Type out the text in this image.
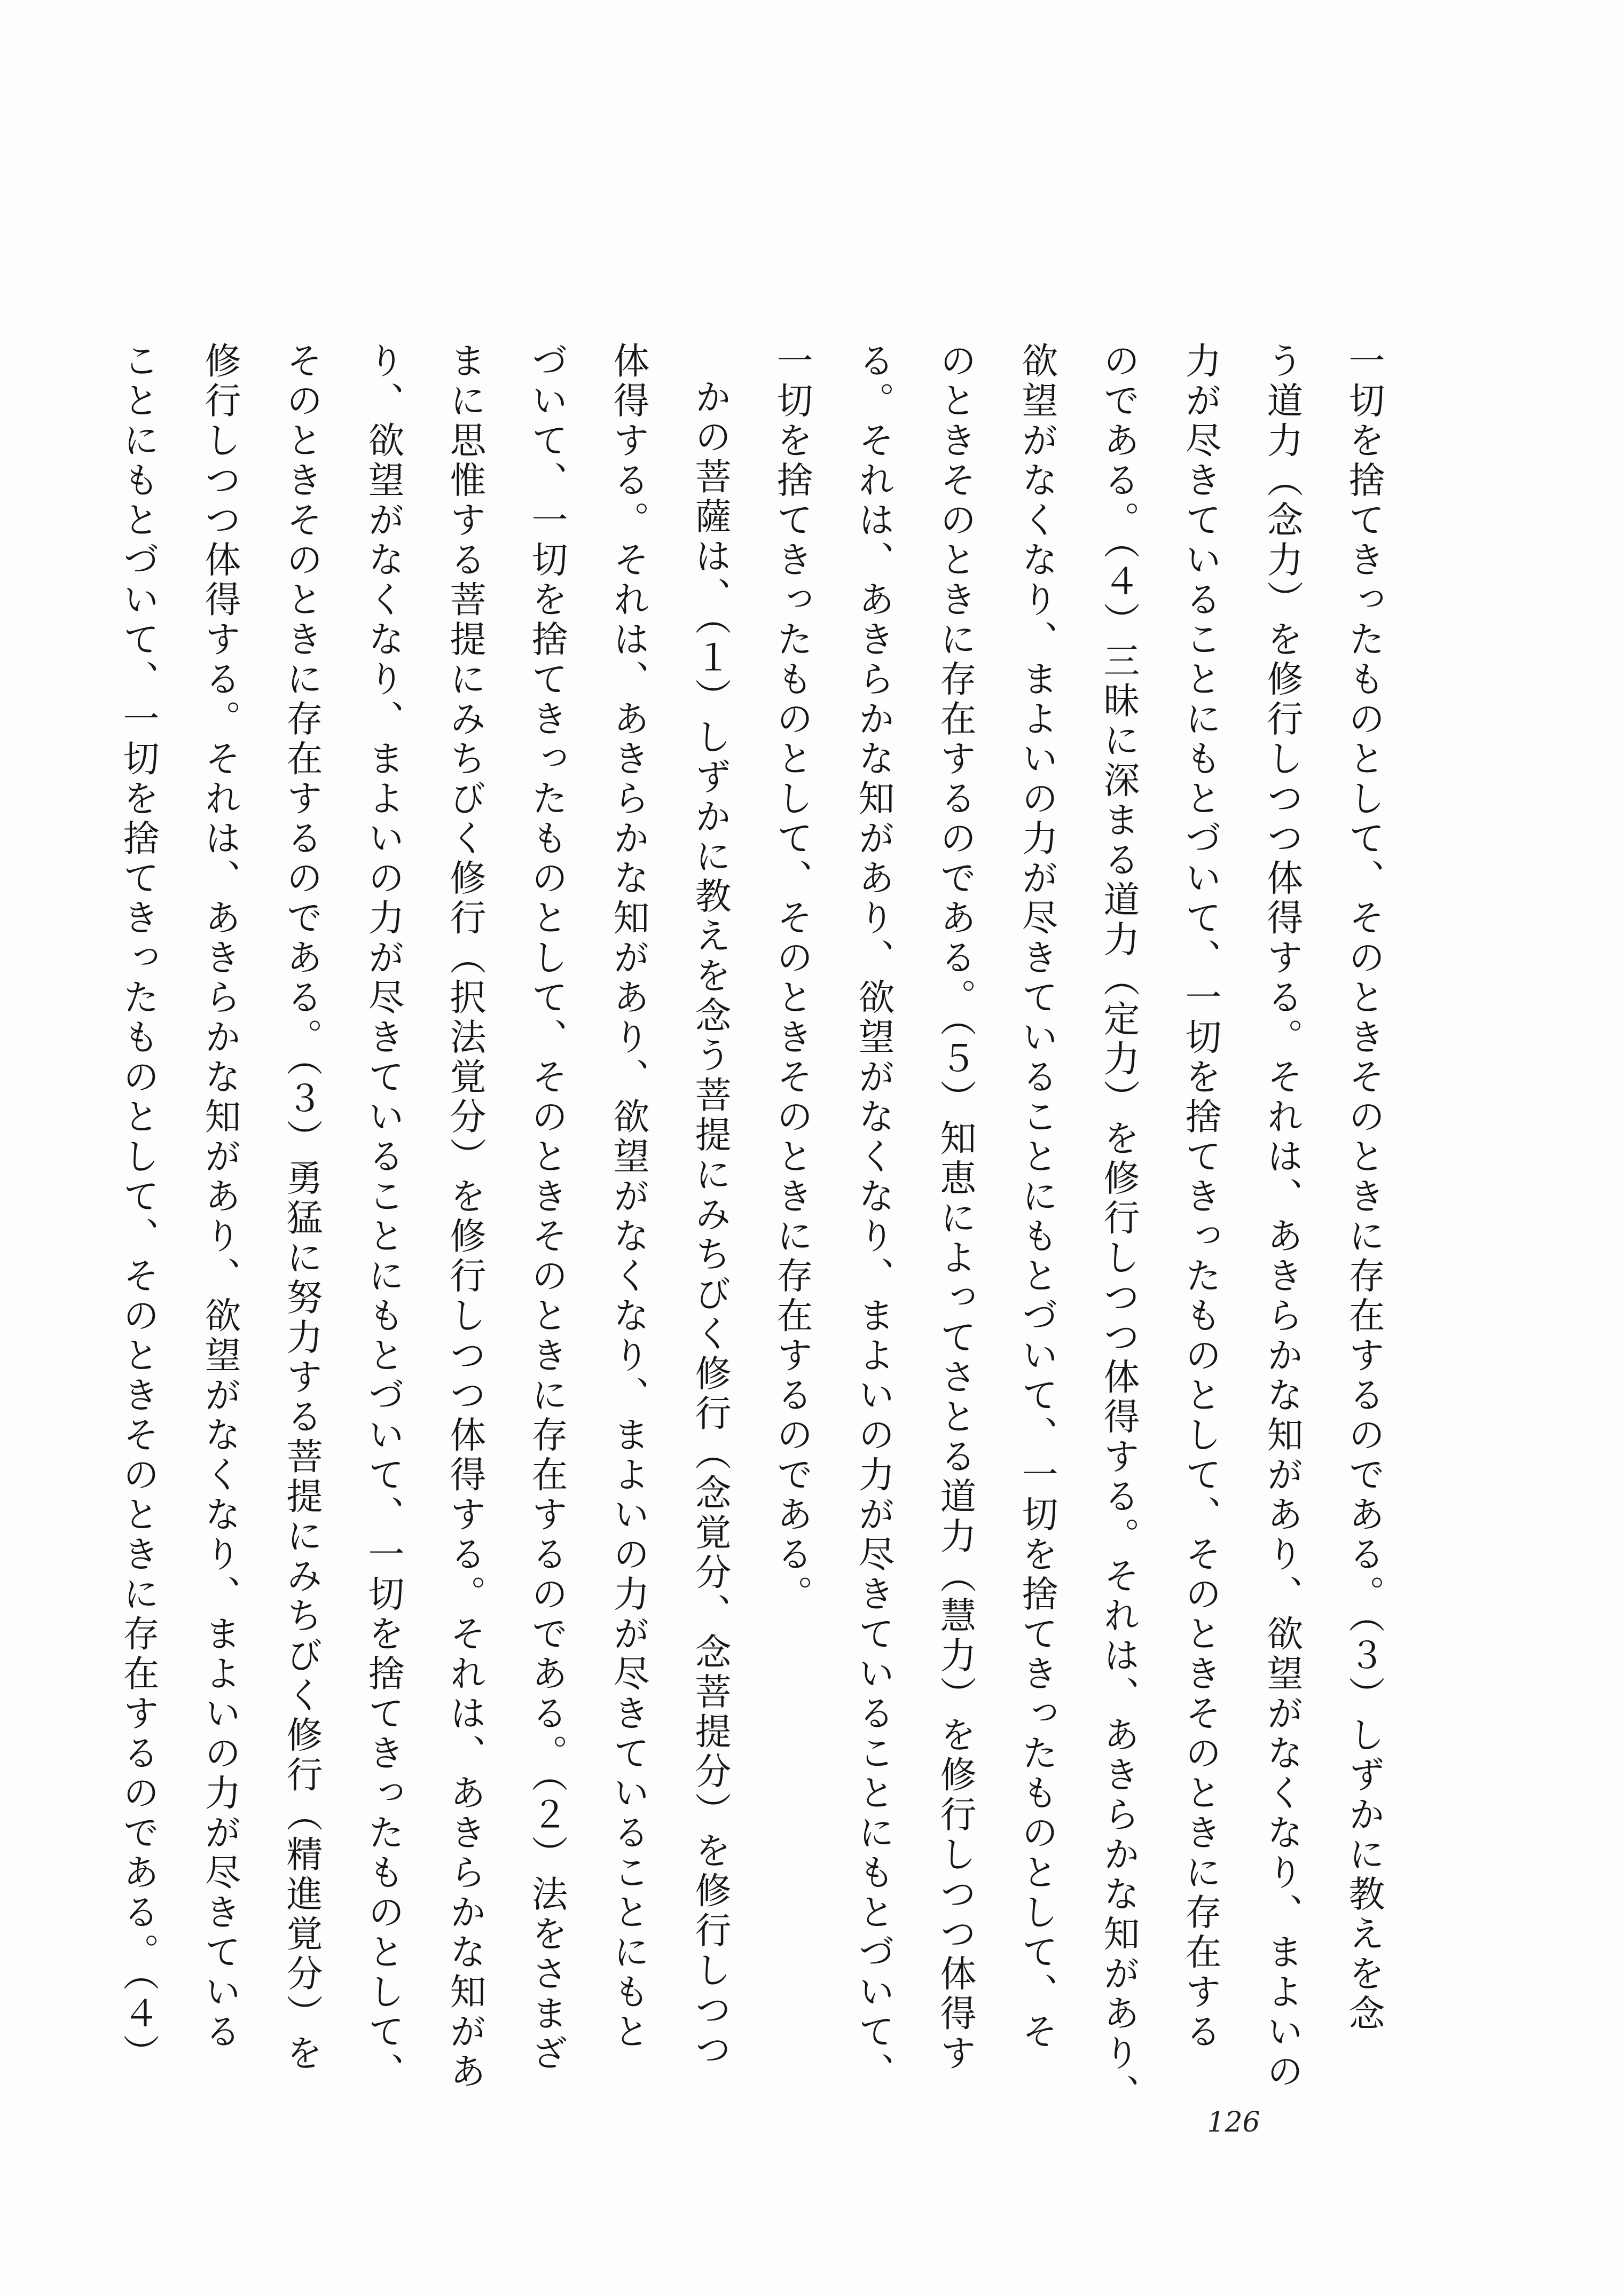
一切を捨てきったものとして、そのときそのときに存在するのである。（３）しずかに教えを念
う道力（念力）を修行しつつ体得する。それは、あきらかな知があり、欲望がなくなり、まよいの
力が尽きていることにもとづいて、一切を捨てきったものとして、そのときそのときに存在する
のである。（４）三昧に深まる道力（定力）を修行しつつ体得する。それは、あきらかな知があり、
欲望がなくなり、まよいの力が尽きていることにもとづいて、一切を捨てきったものとして、そ
のときそのときに存在するのである。（５）知恵によってさとる道力（慧力）を修行しつつ体得す
る。それは、あきらかな知があり、欲望がなくなり、まよいの力が尽きていることにもとづいて、
一切を捨てきったものとして、そのときそのときに存在するのである。
かの菩薩は、（１）しずかに教えを念う菩提にみちびく修行（念覚分、念菩提分）を修行しつつ
体得する。それは、あきらかな知があり、欲望がなくなり、まよいの力が尽きていることにもと
づいて、一切を捨てきったものとして、そのときそのときに存在するのである。（２）法をさまざ
まに思惟する菩提にみちびく修行（択法覚分）を修行しつつ体得する。それは、あきらかな知があ
り、欲望がなくなり、まよいの力が尽きていることにもとづいて、一切を捨てきったものとして、
そのときそのときに存在するのである。（３）勇猛に努力する菩提にみちびく修行（精進覚分）を
修行しつつ体得する。それは、あきらかな知があり、欲望がなくなり、まよいの力が尽きている
ことにもとづいて、一切を捨てきったものとして、そのときそのときに存在するのである。（４）
126
